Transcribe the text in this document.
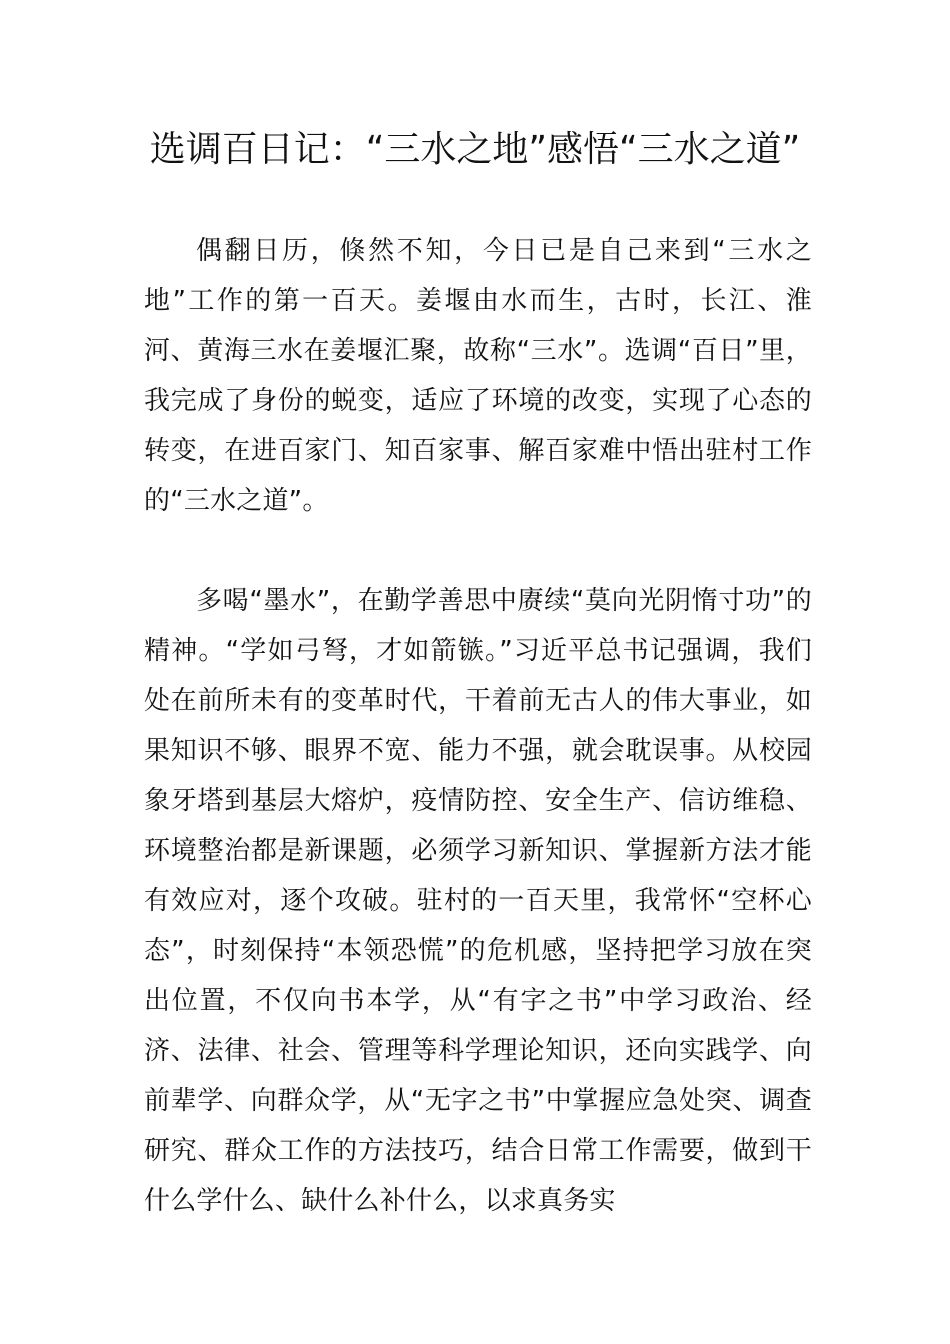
选调百日记：“三水之地”感悟“三水之道”

偶翻日历，倏然不知，今日已是自己来到“三水之地”工作的第一百天。姜堰由水而生，古时，长江、淮河、黄海三水在姜堰汇聚，故称“三水”。选调“百日”里，我完成了身份的蜕变，适应了环境的改变，实现了心态的转变，在进百家门、知百家事、解百家难中悟出驻村工作的“三水之道”。

多喝“墨水”，在勤学善思中赓续“莫向光阴惰寸功”的精神。“学如弓弩，才如箭镞。”习近平总书记强调，我们处在前所未有的变革时代，干着前无古人的伟大事业，如果知识不够、眼界不宽、能力不强，就会耽误事。从校园象牙塔到基层大熔炉，疫情防控、安全生产、信访维稳、环境整治都是新课题，必须学习新知识、掌握新方法才能有效应对，逐个攻破。驻村的一百天里，我常怀“空杯心态”，时刻保持“本领恐慌”的危机感，坚持把学习放在突出位置，不仅向书本学，从“有字之书”中学习政治、经济、法律、社会、管理等科学理论知识，还向实践学、向前辈学、向群众学，从“无字之书”中掌握应急处突、调查研究、群众工作的方法技巧，结合日常工作需要，做到干什么学什么、缺什么补什么，以求真务实
